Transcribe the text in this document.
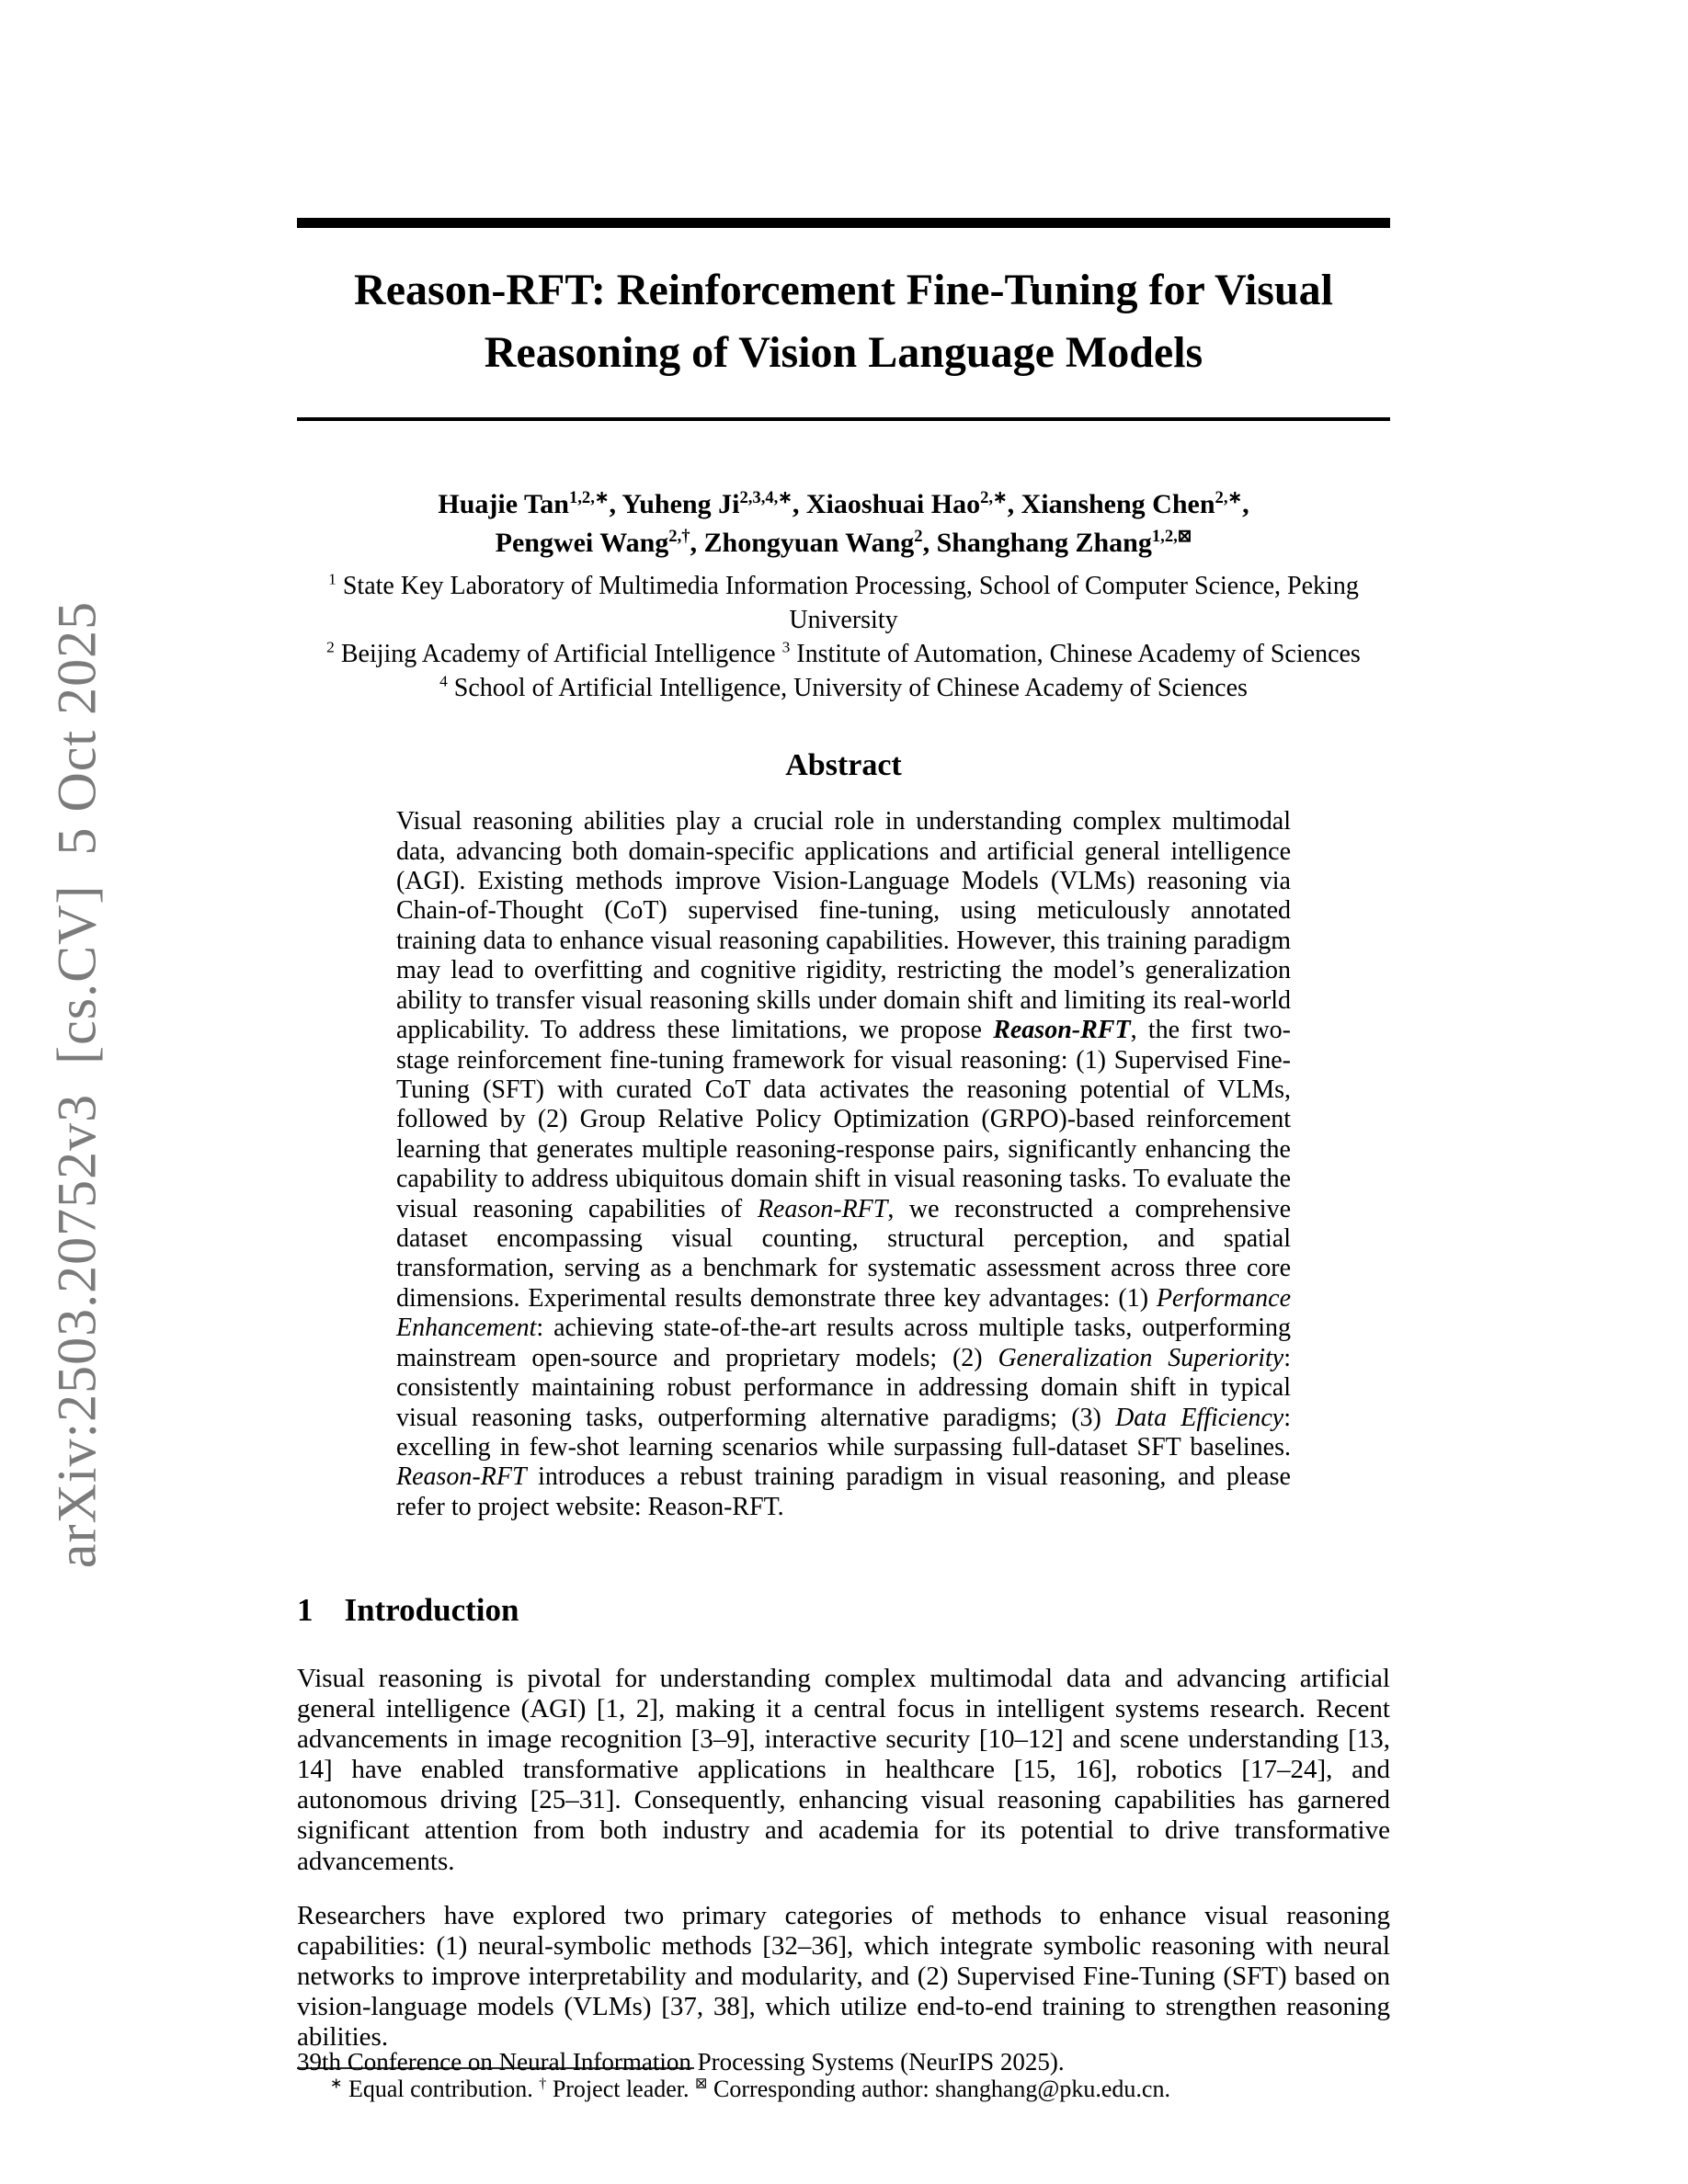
arXiv:2503.20752v3  [cs.CV]  5 Oct 2025
Reason-RFT: Reinforcement Fine-Tuning for Visual
Reasoning of Vision Language Models
Huajie Tan$^{1,2,∗}$, Yuheng $Ji^{2,3,4,∗}$, Xiaoshuai Hao$^{2,∗}$, Xiansheng Chen$^{2,∗}$,
Pengwei Wang$^{2,\dagger}$, Zhongyuan Wang$^2$, Shanghang Zhang$^{1,2,⊠}$
$^1$ State Key Laboratory of Multimedia Information Processing, School of Computer Science, Peking University
$^2$ Beijing Academy of Artificial Intelligence $^3$ Institute of Automation, Chinese Academy of Sciences
$^4$ School of Artificial Intelligence, University of Chinese Academy of Sciences
Abstract
Visual reasoning abilities play a crucial role in understanding complex multimodal data, advancing both domain-specific applications and artificial general intelligence (AGI). Existing methods improve Vision-Language Models (VLMs) reasoning via Chain-of-Thought (CoT) supervised fine-tuning, using meticulously annotated training data to enhance visual reasoning capabilities. However, this training paradigm may lead to overfitting and cognitive rigidity, restricting the model’s generalization ability to transfer visual reasoning skills under domain shift and limiting its real-world applicability. To address these limitations, we propose Reason-RFT, the first two-stage reinforcement fine-tuning framework for visual reasoning: (1) Supervised Fine-Tuning (SFT) with curated CoT data activates the reasoning potential of VLMs, followed by (2) Group Relative Policy Optimization (GRPO)-based reinforcement learning that generates multiple reasoning-response pairs, significantly enhancing the capability to address ubiquitous domain shift in visual reasoning tasks. To evaluate the visual reasoning capabilities of Reason-RFT, we reconstructed a comprehensive dataset encompassing visual counting, structural perception, and spatial transformation, serving as a benchmark for systematic assessment across three core dimensions. Experimental results demonstrate three key advantages: (1) Performance Enhancement: achieving state-of-the-art results across multiple tasks, outperforming mainstream open-source and proprietary models; (2) Generalization Superiority: consistently maintaining robust performance in addressing domain shift in typical visual reasoning tasks, outperforming alternative paradigms; (3) Data Efficiency: excelling in few-shot learning scenarios while surpassing full-dataset SFT baselines. Reason-RFT introduces a rebust training paradigm in visual reasoning, and please refer to project website: Reason-RFT.
1 Introduction
Visual reasoning is pivotal for understanding complex multimodal data and advancing artificial general intelligence (AGI) [1, 2], making it a central focus in intelligent systems research. Recent advancements in image recognition [3–9], interactive security [10–12] and scene understanding [13, 14] have enabled transformative applications in healthcare [15, 16], robotics [17–24], and autonomous driving [25–31]. Consequently, enhancing visual reasoning capabilities has garnered significant attention from both industry and academia for its potential to drive transformative advancements.
Researchers have explored two primary categories of methods to enhance visual reasoning capabilities: (1) neural-symbolic methods [32–36], which integrate symbolic reasoning with neural networks to improve interpretability and modularity, and (2) Supervised Fine-Tuning (SFT) based on vision-language models (VLMs) [37, 38], which utilize end-to-end training to strengthen reasoning abilities.
∗ Equal contribution. † Project leader. ⊠ Corresponding author: shanghang@pku.edu.cn.
39th Conference on Neural Information Processing Systems (NeurIPS 2025).
